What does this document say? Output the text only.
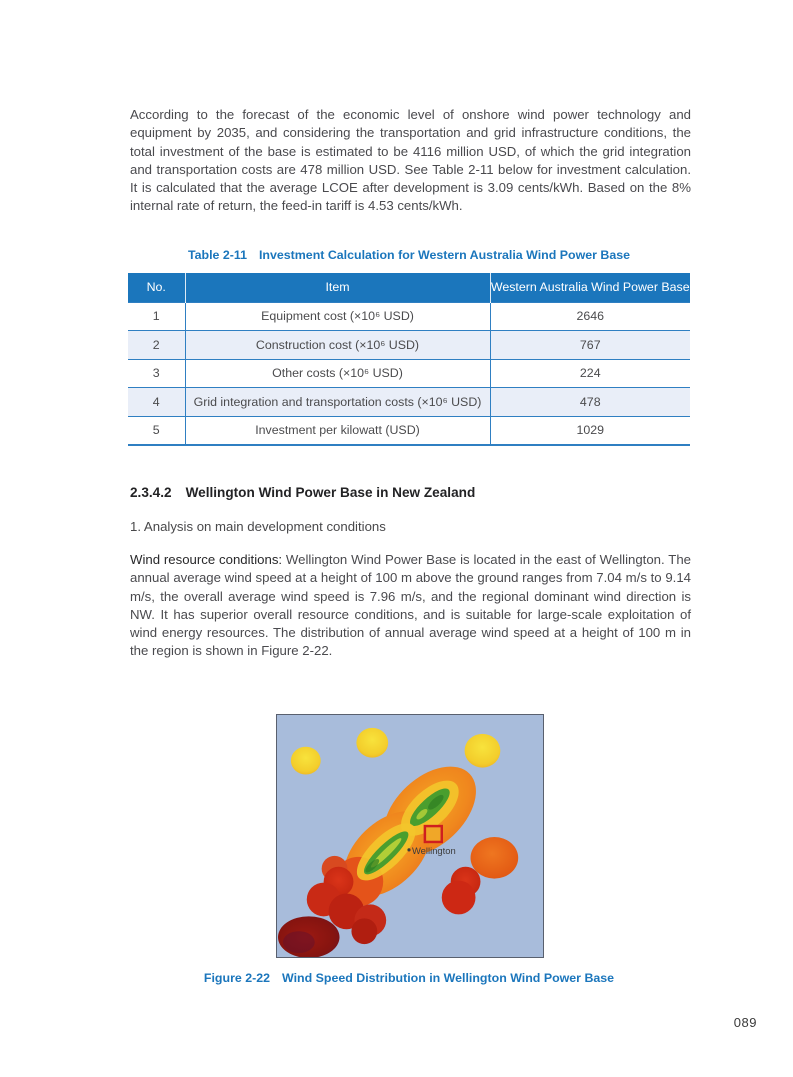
According to the forecast of the economic level of onshore wind power technology and equipment by 2035, and considering the transportation and grid infrastructure conditions, the total investment of the base is estimated to be 4116 million USD, of which the grid integration and transportation costs are 478 million USD. See Table 2-11 below for investment calculation. It is calculated that the average LCOE after development is 3.09 cents/kWh. Based on the 8% internal rate of return, the feed-in tariff is 4.53 cents/kWh.

Table 2-11 Investment Calculation for Western Australia Wind Power Base
No.	Item	Western Australia Wind Power Base
1	Equipment cost (×10⁶ USD)	2646
2	Construction cost (×10⁶ USD)	767
3	Other costs (×10⁶ USD)	224
4	Grid integration and transportation costs (×10⁶ USD)	478
5	Investment per kilowatt (USD)	1029
2.3.4.2 Wellington Wind Power Base in New Zealand
1. Analysis on main development conditions

Wind resource conditions: Wellington Wind Power Base is located in the east of Wellington. The annual average wind speed at a height of 100 m above the ground ranges from 7.04 m/s to 9.14 m/s, the overall average wind speed is 7.96 m/s, and the regional dominant wind direction is NW. It has superior overall resource conditions, and is suitable for large-scale exploitation of wind energy resources. The distribution of annual average wind speed at a height of 100 m in the region is shown in Figure 2-22.

Wellington
Figure 2-22 Wind Speed Distribution in Wellington Wind Power Base
089
